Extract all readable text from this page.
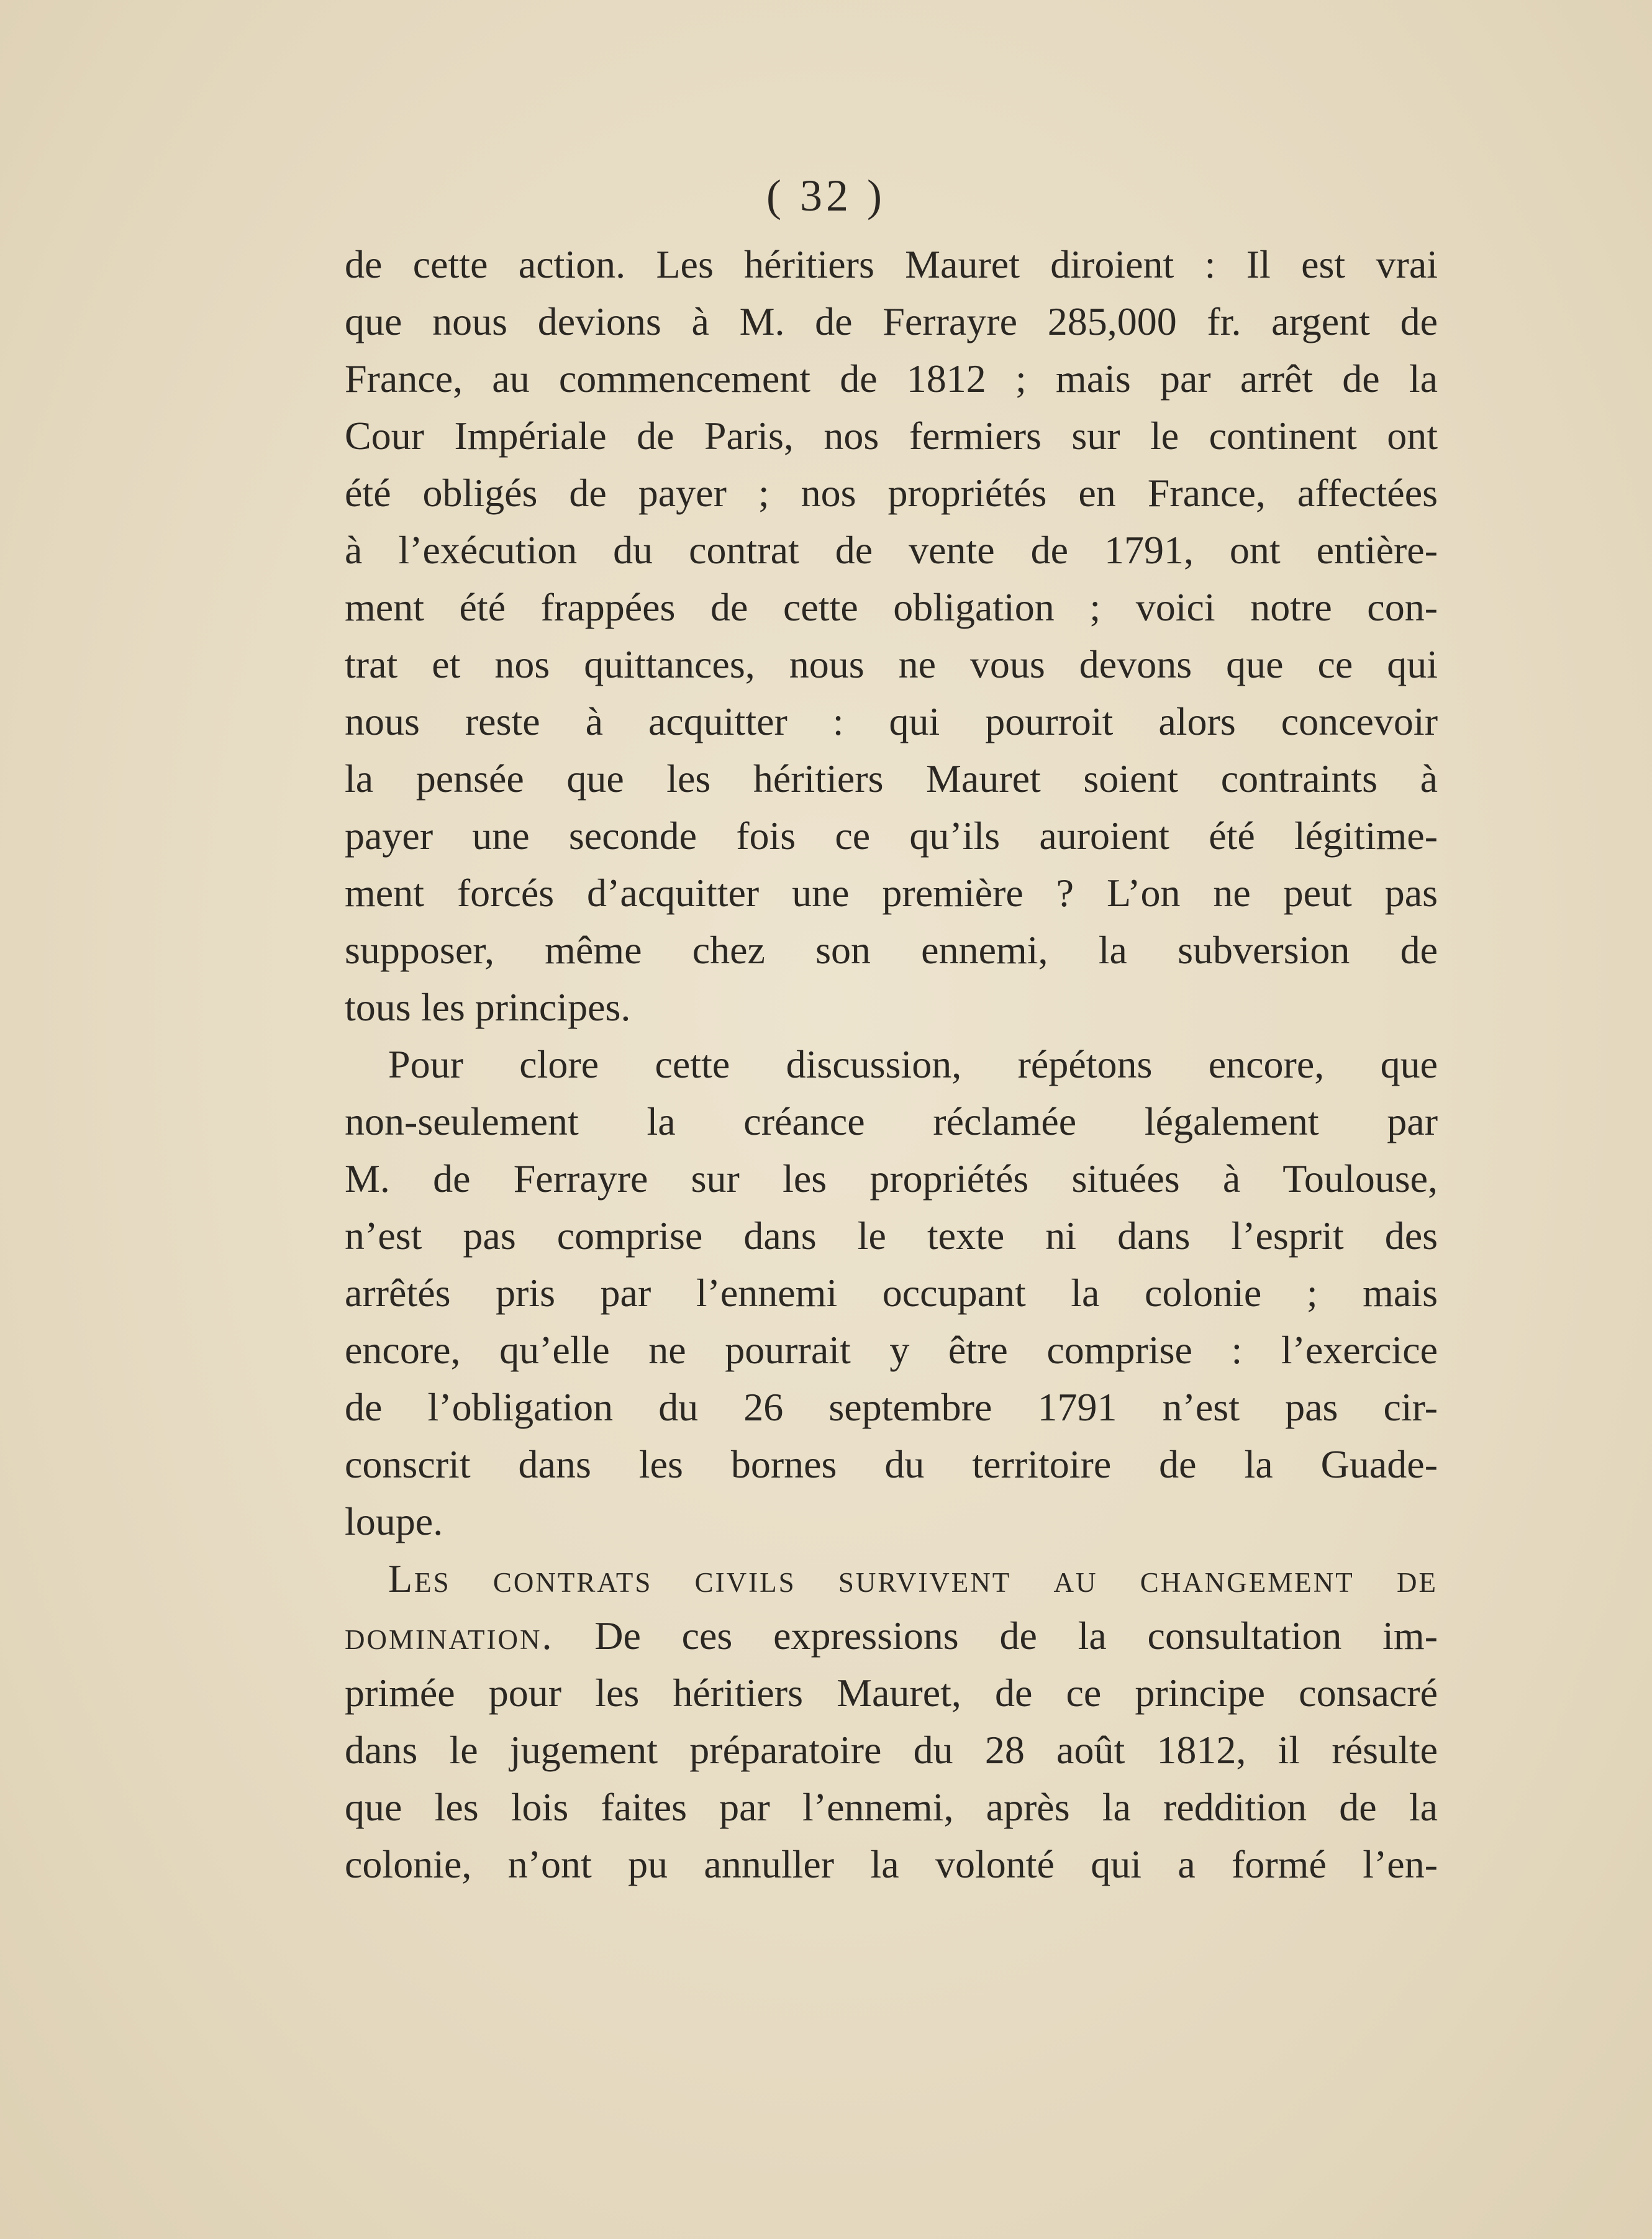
( 32 )
de cette action. Les héritiers Mauret diroient : Il est vrai
que nous devions à M. de Ferrayre 285,000 fr. argent de
France, au commencement de 1812 ; mais par arrêt de la
Cour Impériale de Paris, nos fermiers sur le continent ont
été obligés de payer ; nos propriétés en France, affectées
à l’exécution du contrat de vente de 1791, ont entière-
ment été frappées de cette obligation ; voici notre con-
trat et nos quittances, nous ne vous devons que ce qui
nous reste à acquitter : qui pourroit alors concevoir
la pensée que les héritiers Mauret soient contraints à
payer une seconde fois ce qu’ils auroient été légitime-
ment forcés d’acquitter une première ? L’on ne peut pas
supposer, même chez son ennemi, la subversion de
tous les principes.
Pour clore cette discussion, répétons encore, que
non-seulement la créance réclamée légalement par
M. de Ferrayre sur les propriétés situées à Toulouse,
n’est pas comprise dans le texte ni dans l’esprit des
arrêtés pris par l’ennemi occupant la colonie ; mais
encore, qu’elle ne pourrait y être comprise : l’exercice
de l’obligation du 26 septembre 1791 n’est pas cir-
conscrit dans les bornes du territoire de la Guade-
loupe.
Les contrats civils survivent au changement de
domination. De ces expressions de la consultation im-
primée pour les héritiers Mauret, de ce principe consacré
dans le jugement préparatoire du 28 août 1812, il résulte
que les lois faites par l’ennemi, après la reddition de la
colonie, n’ont pu annuller la volonté qui a formé l’en-
